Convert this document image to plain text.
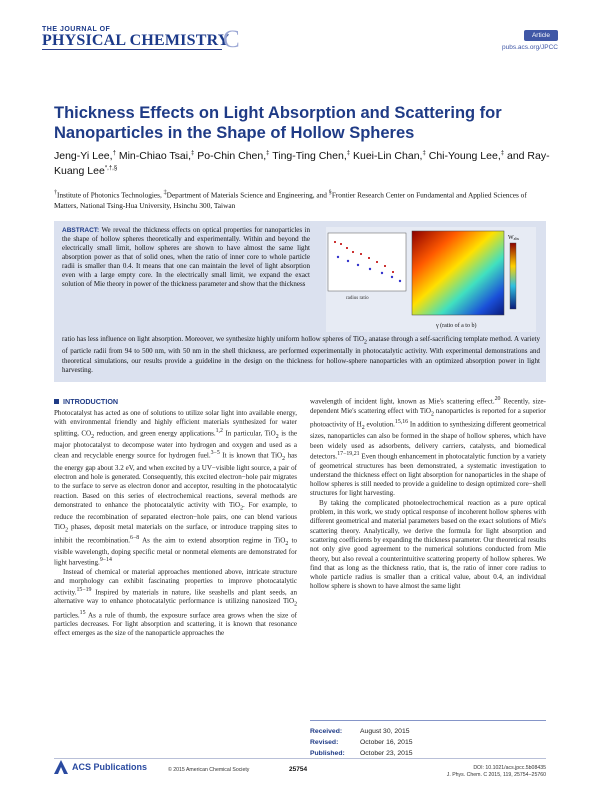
THE JOURNAL OF
PHYSICAL CHEMISTRY
C	Article
pubs.acs.org/JPCC
Thickness Effects on Light Absorption and Scattering for Nanoparticles in the Shape of Hollow Spheres
Jeng-Yi Lee,† Min-Chiao Tsai,‡ Po-Chin Chen,‡ Ting-Ting Chen,‡ Kuei-Lin Chan,‡ Chi-Young Lee,‡ and Ray-Kuang Lee*,†,§
†Institute of Photonics Technologies, ‡Department of Materials Science and Engineering, and §Frontier Research Center on Fundamental and Applied Sciences of Matters, National Tsing-Hua University, Hsinchu 300, Taiwan
ABSTRACT: We reveal the thickness effects on optical properties for nanoparticles in the shape of hollow spheres theoretically and experimentally. Within and beyond the electrically small limit, hollow spheres are shown to have almost the same light absorption power as that of solid ones, when the ratio of inner core to whole particle radii is smaller than 0.4. It means that one can maintain the level of light absorption even with a large empty core. In the electrically small limit, we expand the exact solution of Mie theory in power of the thickness parameter and show that the thickness
radius ratio
Wabs
γ (ratio of a to b)
ratio has less influence on light absorption. Moreover, we synthesize highly uniform hollow spheres of TiO$_2$ anatase through a self-sacrificing template method. A variety of particle radii from 94 to 500 nm, with 50 nm in the shell thickness, are performed experimentally in photocatalytic activity. With experimental demonstrations and theoretical simulations, our results provide a guideline in the design on the thickness for hollow-sphere nanoparticles with an optimized absorption power in light harvesting.
INTRODUCTION

Photocatalyst has acted as one of solutions to utilize solar light into available energy, with environmental friendly and highly efficient materials synthesized for water splitting, $CO_2$ reduction, and green energy applications.$^{1,2}$ In particular, TiO$_2$ is the major photocatalyst to decompose water into hydrogen and oxygen and used as a clean and recyclable energy source for hydrogen fuel.$^{3-5}$ It is known that TiO$_2$ has the energy gap about 3.2 eV, and when excited by a UV−visible light source, a pair of electron and hole is generated. Consequently, this excited electron−hole pair migrates to the surface to serve as electron donor and acceptor, resulting in the photocatalytic reaction. Based on this series of electrochemical reactions, several methods are demonstrated to enhance the photocatalytic activity with TiO$_2$. For example, to reduce the recombination of separated electron−hole pairs, one can blend various TiO$_2$ phases, deposit metal materials on the surface, or introduce trapping sites to inhibit the recombination.$^{6-8}$ As the aim to extend absorption regime in TiO$_2$ to visible wavelength, doping specific metal or nonmetal elements are demonstrated for light harvesting.$^{9-14}$

Instead of chemical or material approaches mentioned above, intricate structure and morphology can exhibit fascinating properties to improve photocatalytic activity.$^{15-19}$ Inspired by materials in nature, like seashells and plant seeds, an alternative way to enhance photocatalytic performance is utilizing nanosized TiO$_2$ particles.$^{15}$ As a rule of thumb, the exposure surface area grows when the size of particles decreases. For light absorption and scattering, it is known that resonance effect emerges as the size of the nanoparticle approaches the

wavelength of incident light, known as Mie's scattering effect.$^{20}$ Recently, size-dependent Mie's scattering effect with TiO$_2$ nanoparticles is reported for a superior photoactivity of $H_2$ evolution.$^{15,16}$ In addition to synthesizing different geometrical sizes, nanoparticles can also be formed in the shape of hollow spheres, which have been widely used as adsorbents, delivery carriers, catalysts, and biomedical detectors.$^{17-19,21}$ Even though enhancement in photocatalytic function by a variety of geometrical structures has been demonstrated, a systematic investigation to understand the thickness effect on light absorption for nanoparticles in the shape of hollow spheres is still needed to provide a guideline to design optimized core−shell structures for light harvesting.

By taking the complicated photoelectrochemical reaction as a pure optical problem, in this work, we study optical response of incoherent hollow spheres with different geometrical and material parameters based on the exact solutions of Mie's scattering theory. Analytically, we derive the formula for light absorption and scattering coefficients by expanding the thickness parameter. Our theoretical results not only give good agreement to the numerical solutions conducted from Mie theory, but also reveal a counterintuitive scattering property of hollow spheres. We find that as long as the thickness ratio, that is, the ratio of inner core radius to whole particle radius is smaller than a critical value, about 0.4, an individual hollow sphere is shown to have almost the same light

Received:	August 30, 2015
Revised:	October 16, 2015
Published: October 23, 2015
ACS Publications	© 2015 American Chemical Society	25754	DOI: 10.1021/acs.jpcc.5b08435
J. Phys. Chem. C 2015, 119, 25754−25760
